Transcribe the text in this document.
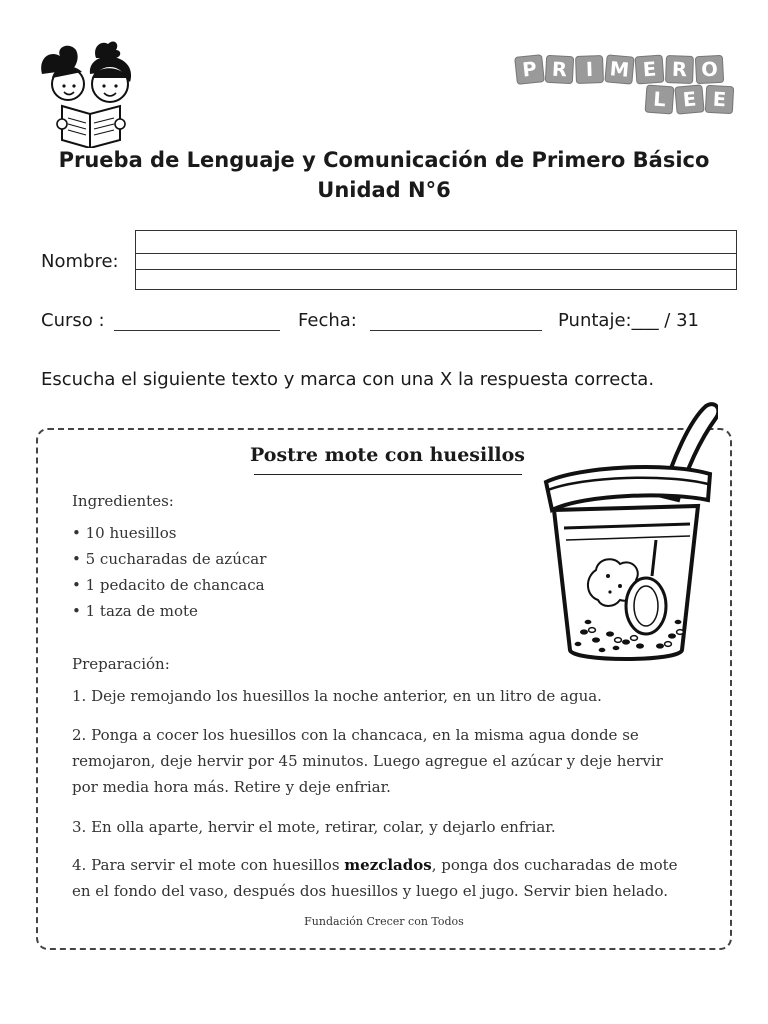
P R I M E R O
L E E
Prueba de Lenguaje y Comunicación de Primero Básico
Unidad N°6
Nombre:
Curso :	Fecha:	Puntaje:___ / 31
Escucha el siguiente texto y marca con una X la respuesta correcta.
Postre mote con huesillos
Ingredientes:
• 10 huesillos
• 5 cucharadas de azúcar
• 1 pedacito de chancaca
• 1 taza de mote
Preparación:
1. Deje remojando los huesillos la noche anterior, en un litro de agua.
2. Ponga a cocer los huesillos con la chancaca, en la misma agua donde se
remojaron, deje hervir por 45 minutos. Luego agregue el azúcar y deje hervir
por media hora más. Retire y deje enfriar.
3. En olla aparte, hervir el mote, retirar, colar, y dejarlo enfriar.
4. Para servir el mote con huesillos mezclados, ponga dos cucharadas de mote
en el fondo del vaso, después dos huesillos y luego el jugo. Servir bien helado.
Fundación Crecer con Todos
